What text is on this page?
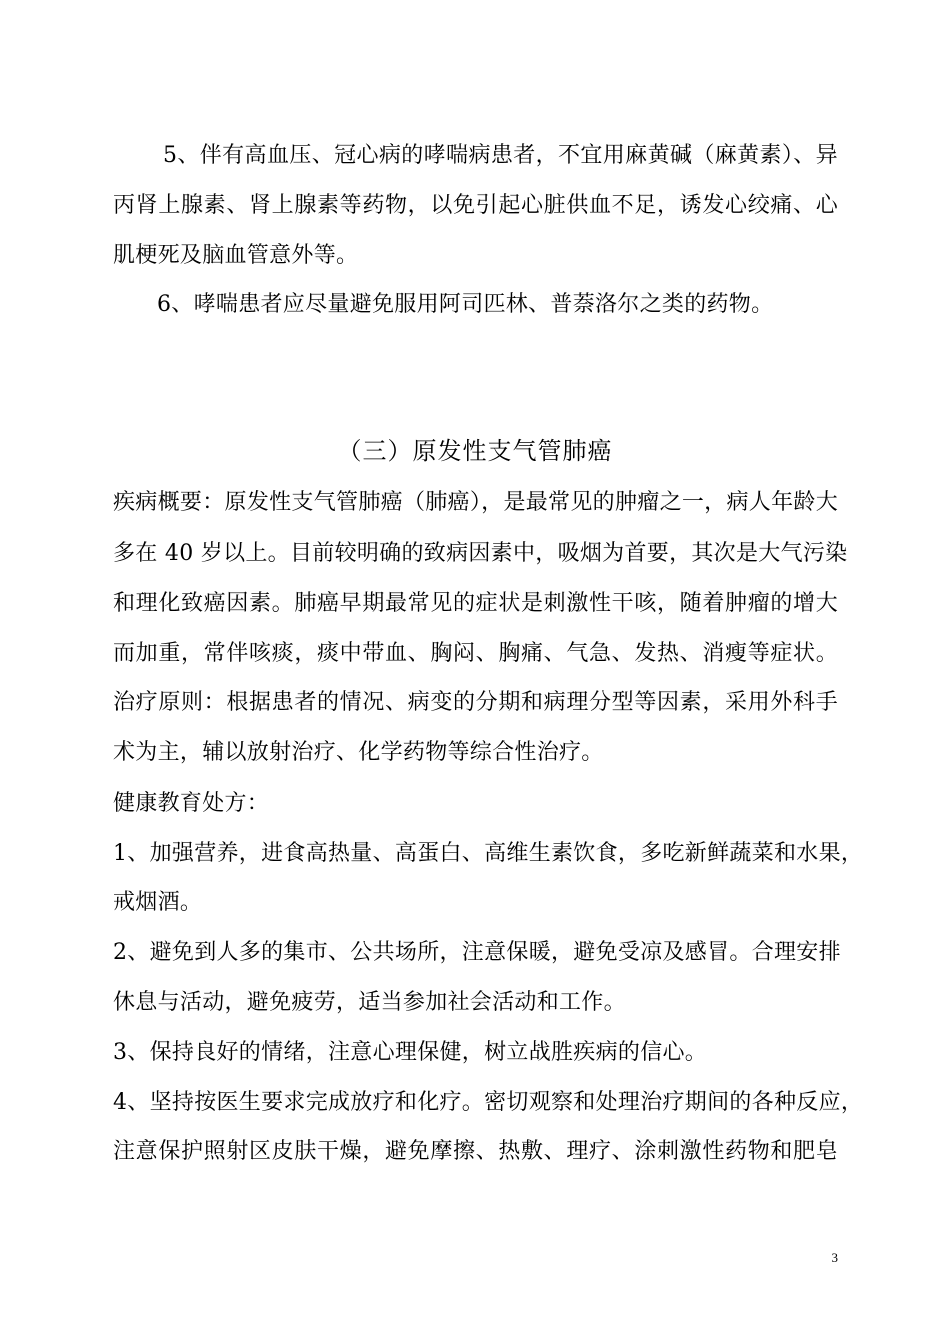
5、伴有高血压、冠心病的哮喘病患者，不宜用麻黄碱（麻黄素）、异
丙肾上腺素、肾上腺素等药物，以免引起心脏供血不足，诱发心绞痛、心
肌梗死及脑血管意外等。
6、哮喘患者应尽量避免服用阿司匹林、普萘洛尔之类的药物。
（三）原发性支气管肺癌
疾病概要：原发性支气管肺癌（肺癌），是最常见的肿瘤之一，病人年龄大
多在 40 岁以上。目前较明确的致病因素中，吸烟为首要，其次是大气污染
和理化致癌因素。肺癌早期最常见的症状是刺激性干咳，随着肿瘤的增大
而加重，常伴咳痰，痰中带血、胸闷、胸痛、气急、发热、消瘦等症状。
治疗原则：根据患者的情况、病变的分期和病理分型等因素，采用外科手
术为主，辅以放射治疗、化学药物等综合性治疗。
健康教育处方：
1、加强营养，进食高热量、高蛋白、高维生素饮食，多吃新鲜蔬菜和水果，
戒烟酒。
2、避免到人多的集市、公共场所，注意保暖，避免受凉及感冒。合理安排
休息与活动，避免疲劳，适当参加社会活动和工作。
3、保持良好的情绪，注意心理保健，树立战胜疾病的信心。
4、坚持按医生要求完成放疗和化疗。密切观察和处理治疗期间的各种反应，
注意保护照射区皮肤干燥，避免摩擦、热敷、理疗、涂刺激性药物和肥皂
3
